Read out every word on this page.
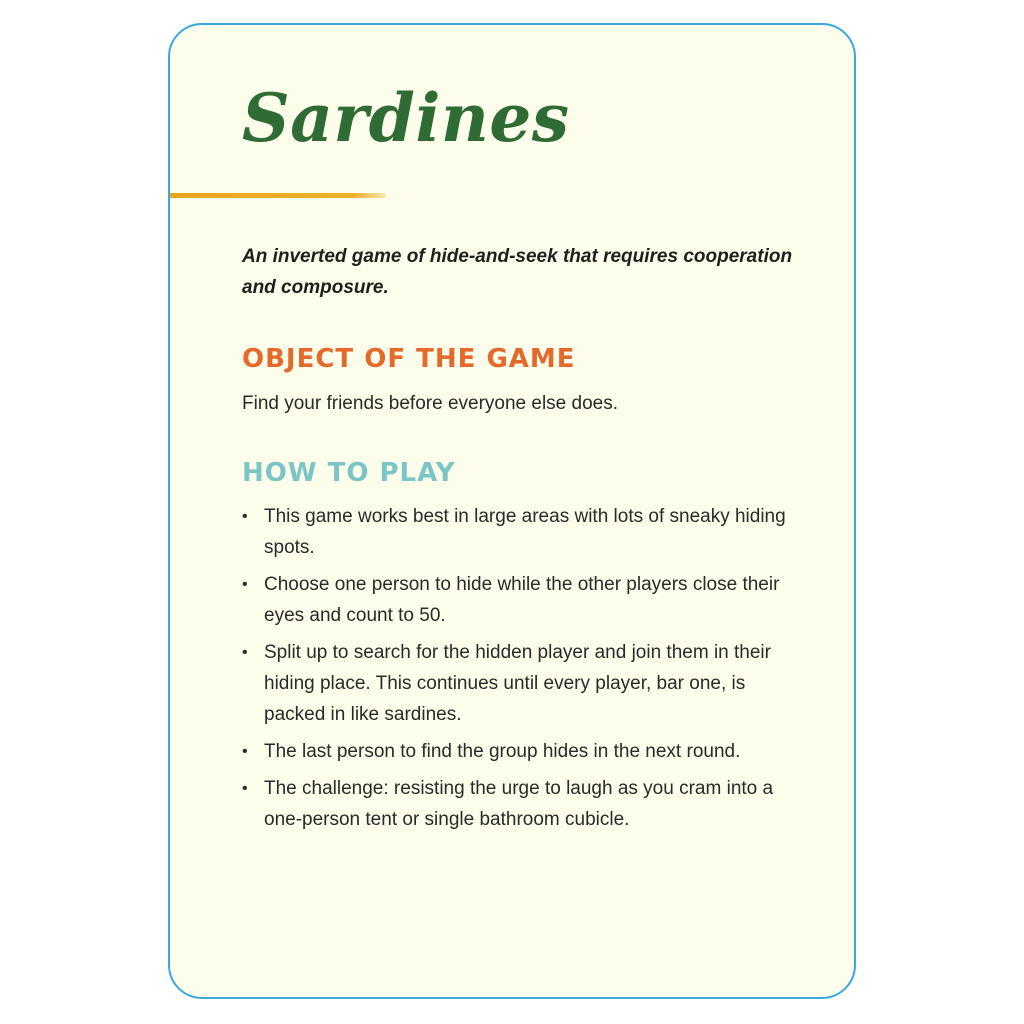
Sardines

An inverted game of hide-and-seek that requires cooperation and composure.

OBJECT OF THE GAME

Find your friends before everyone else does.

HOW TO PLAY
• This game works best in large areas with lots of sneaky hiding spots.
• Choose one person to hide while the other players close their eyes and count to 50.
• Split up to search for the hidden player and join them in their hiding place. This continues until every player, bar one, is packed in like sardines.
• The last person to find the group hides in the next round.
• The challenge: resisting the urge to laugh as you cram into a one-person tent or single bathroom cubicle.
